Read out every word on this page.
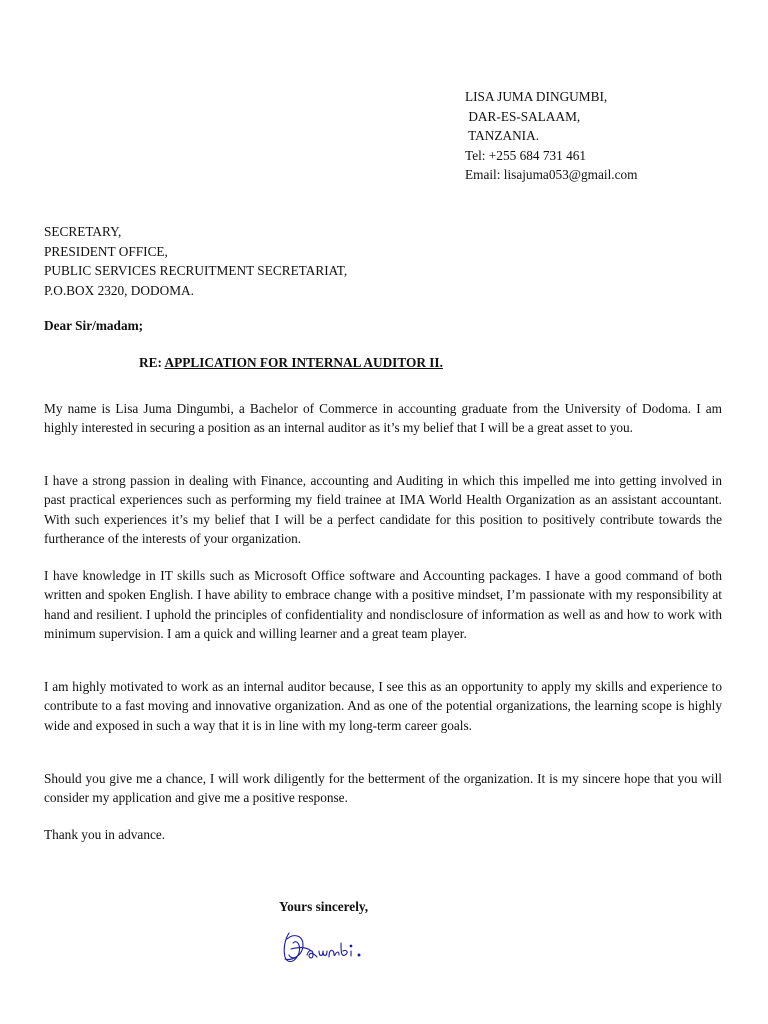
LISA JUMA DINGUMBI,
DAR-ES-SALAAM,
TANZANIA.
Tel: +255 684 731 461
Email: lisajuma053@gmail.com
SECRETARY,
PRESIDENT OFFICE,
PUBLIC SERVICES RECRUITMENT SECRETARIAT,
P.O.BOX 2320, DODOMA.
Dear Sir/madam;
RE: APPLICATION FOR INTERNAL AUDITOR II.
My name is Lisa Juma Dingumbi, a Bachelor of Commerce in accounting graduate from the University of Dodoma. I am highly interested in securing a position as an internal auditor as it’s my belief that I will be a great asset to you.
I have a strong passion in dealing with Finance, accounting and Auditing in which this impelled me into getting involved in past practical experiences such as performing my field trainee at IMA World Health Organization as an assistant accountant. With such experiences it’s my belief that I will be a perfect candidate for this position to positively contribute towards the furtherance of the interests of your organization.
I have knowledge in IT skills such as Microsoft Office software and Accounting packages. I have a good command of both written and spoken English. I have ability to embrace change with a positive mindset, I’m passionate with my responsibility at hand and resilient. I uphold the principles of confidentiality and nondisclosure of information as well as and how to work with minimum supervision. I am a quick and willing learner and a great team player.
I am highly motivated to work as an internal auditor because, I see this as an opportunity to apply my skills and experience to contribute to a fast moving and innovative organization. And as one of the potential organizations, the learning scope is highly wide and exposed in such a way that it is in line with my long-term career goals.
Should you give me a chance, I will work diligently for the betterment of the organization. It is my sincere hope that you will consider my application and give me a positive response.
Thank you in advance.
Yours sincerely,
